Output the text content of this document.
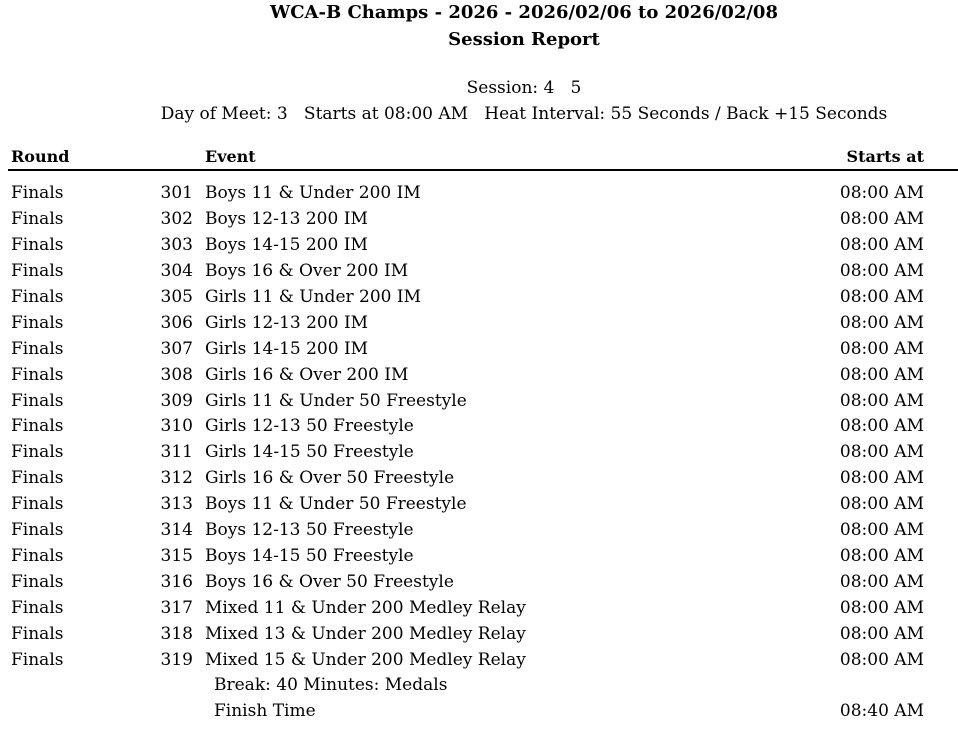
WCA-B Champs - 2026 - 2026/02/06 to 2026/02/08
Session Report
Session: 4   5
Day of Meet: 3   Starts at 08:00 AM   Heat Interval: 55 Seconds / Back +15 Seconds
Round	Event	Starts at
Finals	301 Boys 11 & Under 200 IM	08:00 AM
Finals	302 Boys 12-13 200 IM	08:00 AM
Finals	303 Boys 14-15 200 IM	08:00 AM
Finals	304 Boys 16 & Over 200 IM	08:00 AM
Finals	305 Girls 11 & Under 200 IM	08:00 AM
Finals	306 Girls 12-13 200 IM	08:00 AM
Finals	307 Girls 14-15 200 IM	08:00 AM
Finals	308 Girls 16 & Over 200 IM	08:00 AM
Finals	309 Girls 11 & Under 50 Freestyle	08:00 AM
Finals	310 Girls 12-13 50 Freestyle	08:00 AM
Finals	311 Girls 14-15 50 Freestyle	08:00 AM
Finals	312 Girls 16 & Over 50 Freestyle	08:00 AM
Finals	313 Boys 11 & Under 50 Freestyle	08:00 AM
Finals	314 Boys 12-13 50 Freestyle	08:00 AM
Finals	315 Boys 14-15 50 Freestyle	08:00 AM
Finals	316 Boys 16 & Over 50 Freestyle	08:00 AM
Finals	317 Mixed 11 & Under 200 Medley Relay	08:00 AM
Finals	318 Mixed 13 & Under 200 Medley Relay	08:00 AM
Finals	319 Mixed 15 & Under 200 Medley Relay	08:00 AM
Break: 40 Minutes: Medals
Finish Time	08:40 AM
